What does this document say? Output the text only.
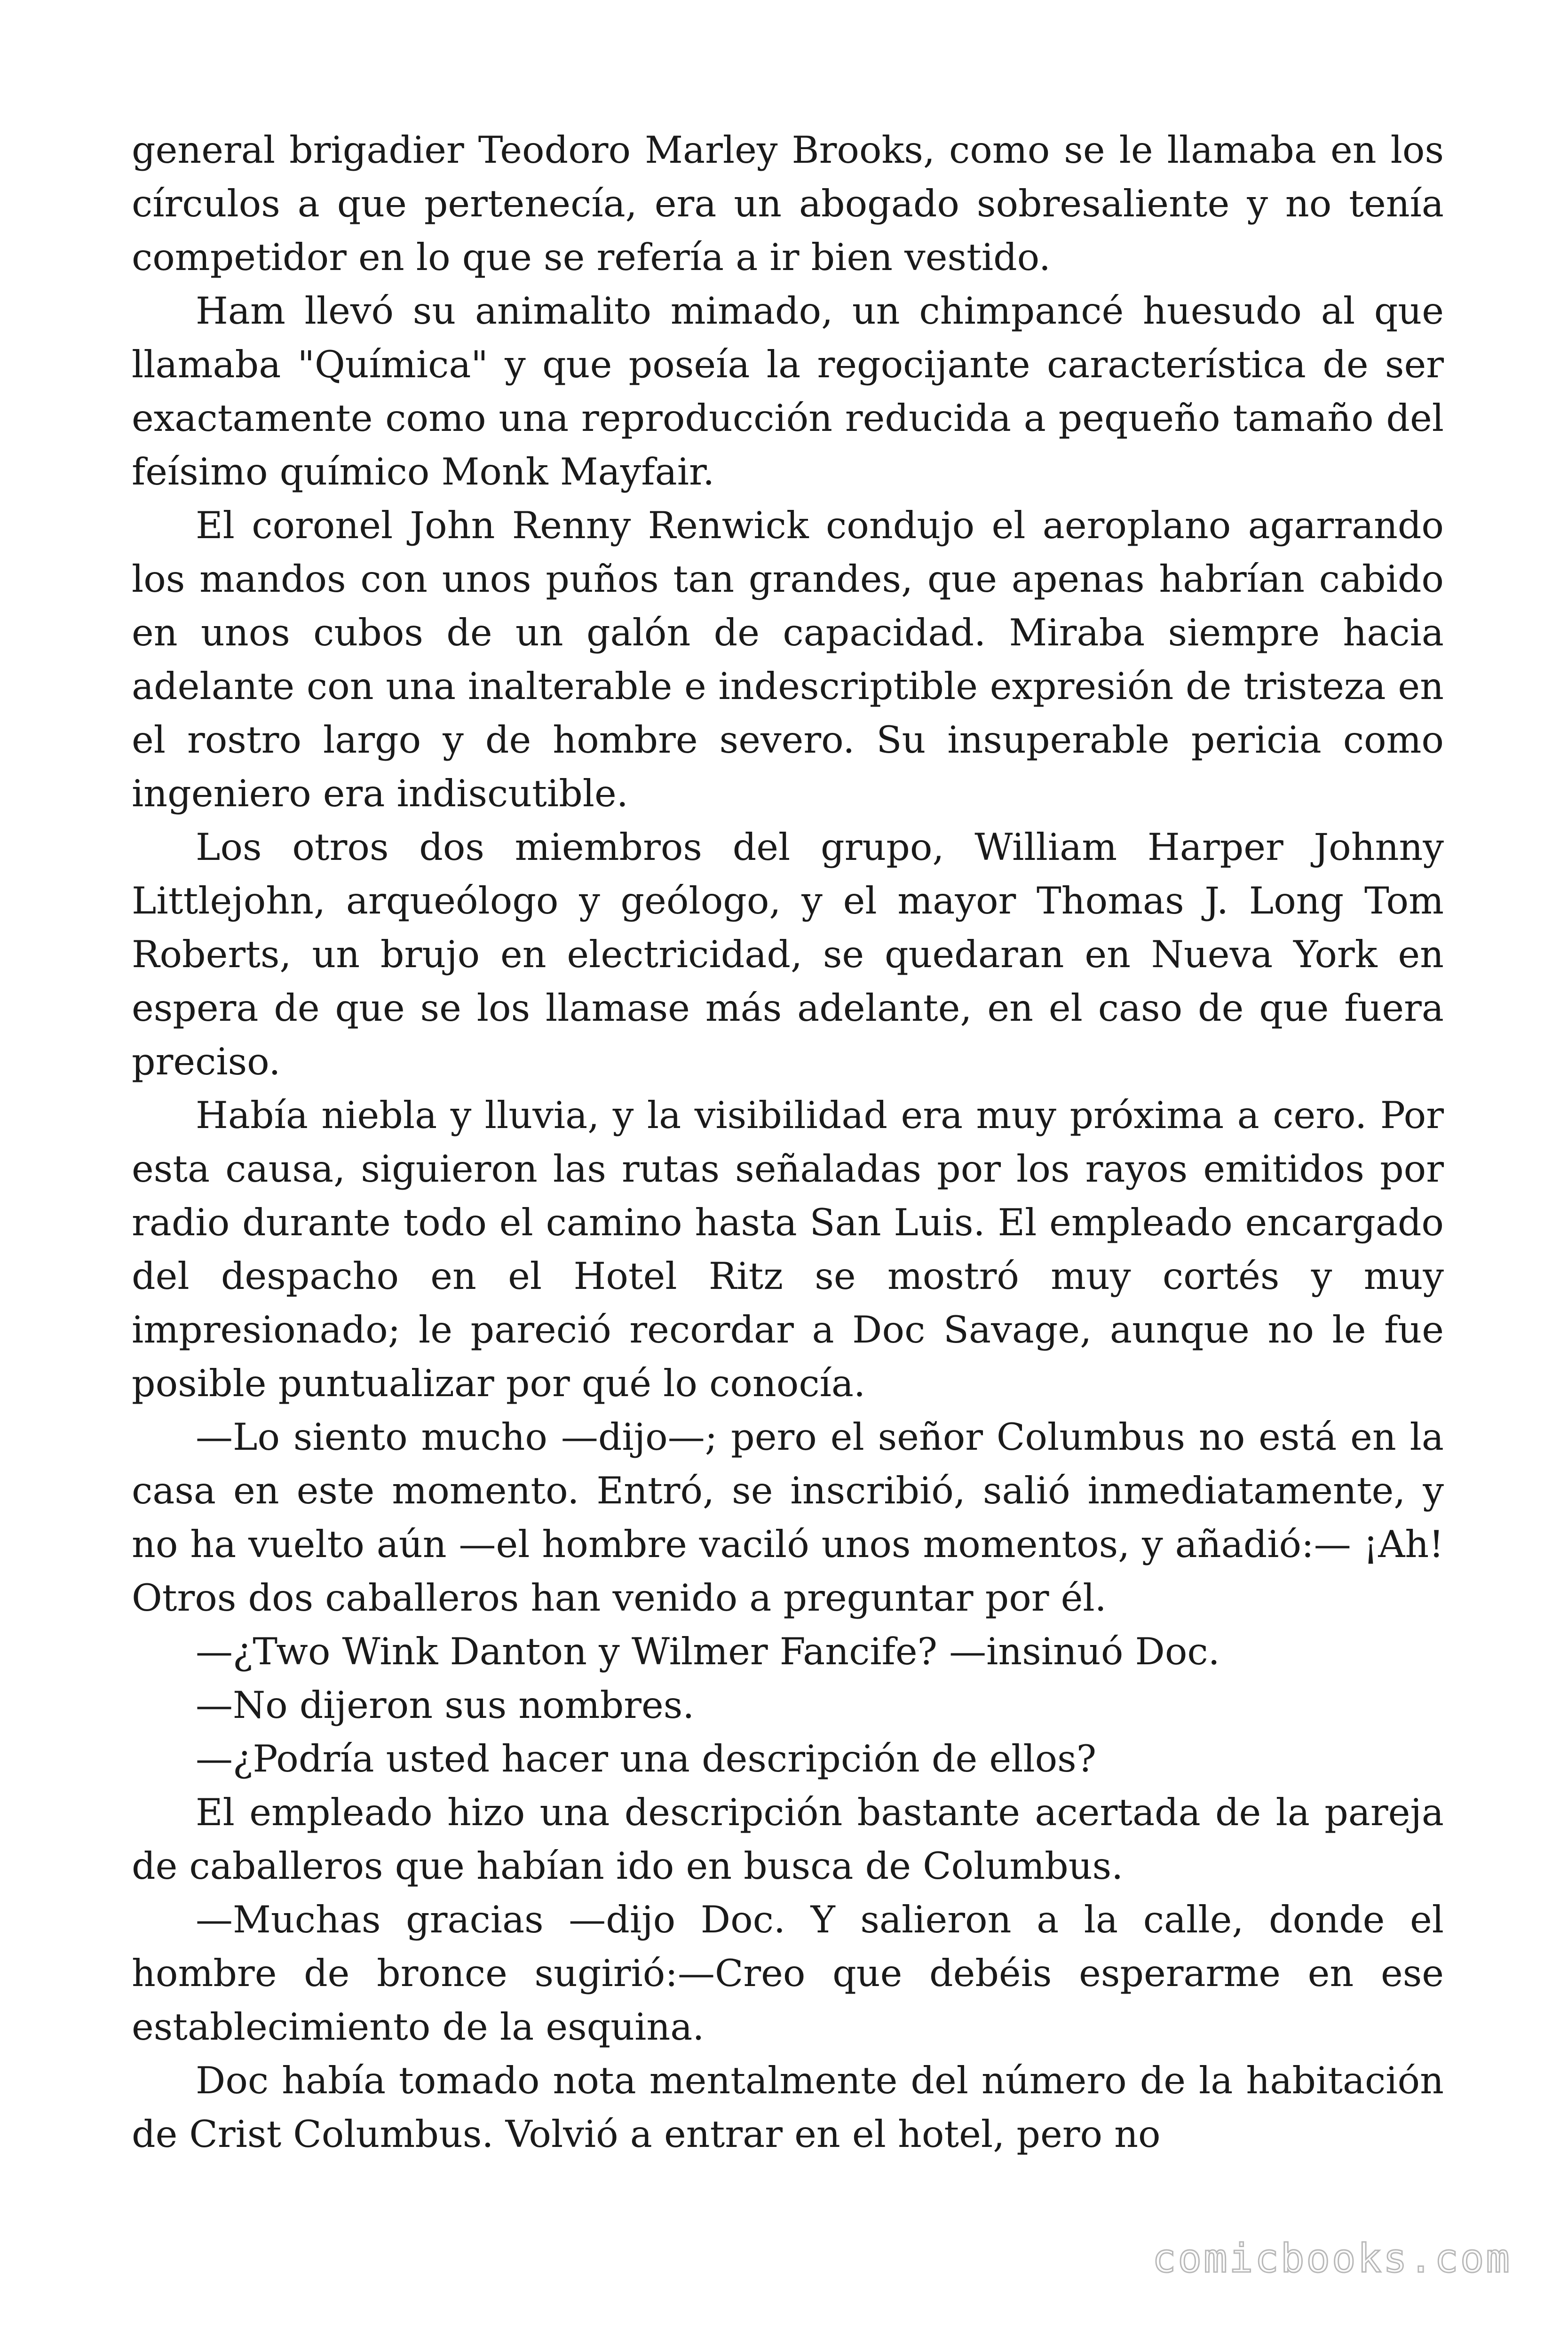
general brigadier Teodoro Marley Brooks, como se le llamaba en los círculos a que pertenecía, era un abogado sobresaliente y no tenía competidor en lo que se refería a ir bien vestido.

Ham llevó su animalito mimado, un chimpancé huesudo al que llamaba "Química" y que poseía la regocijante característica de ser exactamente como una reproducción reducida a pequeño tamaño del feísimo químico Monk Mayfair.

El coronel John Renny Renwick condujo el aeroplano agarrando los mandos con unos puños tan grandes, que apenas habrían cabido en unos cubos de un galón de capacidad. Miraba siempre hacia adelante con una inalterable e indescriptible expresión de tristeza en el rostro largo y de hombre severo. Su insuperable pericia como ingeniero era indiscutible.

Los otros dos miembros del grupo, William Harper Johnny Littlejohn, arqueólogo y geólogo, y el mayor Thomas J. Long Tom Roberts, un brujo en electricidad, se quedaran en Nueva York en espera de que se los llamase más adelante, en el caso de que fuera preciso.

Había niebla y lluvia, y la visibilidad era muy próxima a cero. Por esta causa, siguieron las rutas señaladas por los rayos emitidos por radio durante todo el camino hasta San Luis. El empleado encargado del despacho en el Hotel Ritz se mostró muy cortés y muy impresionado; le pareció recordar a Doc Savage, aunque no le fue posible puntualizar por qué lo conocía.

—Lo siento mucho —dijo—; pero el señor Columbus no está en la casa en este momento. Entró, se inscribió, salió inmediatamente, y no ha vuelto aún —el hombre vaciló unos momentos, y añadió:— ¡Ah! Otros dos caballeros han venido a preguntar por él.

—¿Two Wink Danton y Wilmer Fancife? —insinuó Doc.

—No dijeron sus nombres.

—¿Podría usted hacer una descripción de ellos?

El empleado hizo una descripción bastante acertada de la pareja de caballeros que habían ido en busca de Columbus.

—Muchas gracias —dijo Doc. Y salieron a la calle, donde el hombre de bronce sugirió:—Creo que debéis esperarme en ese establecimiento de la esquina.

Doc había tomado nota mentalmente del número de la habitación de Crist Columbus. Volvió a entrar en el hotel, pero no

comicbooks.com
